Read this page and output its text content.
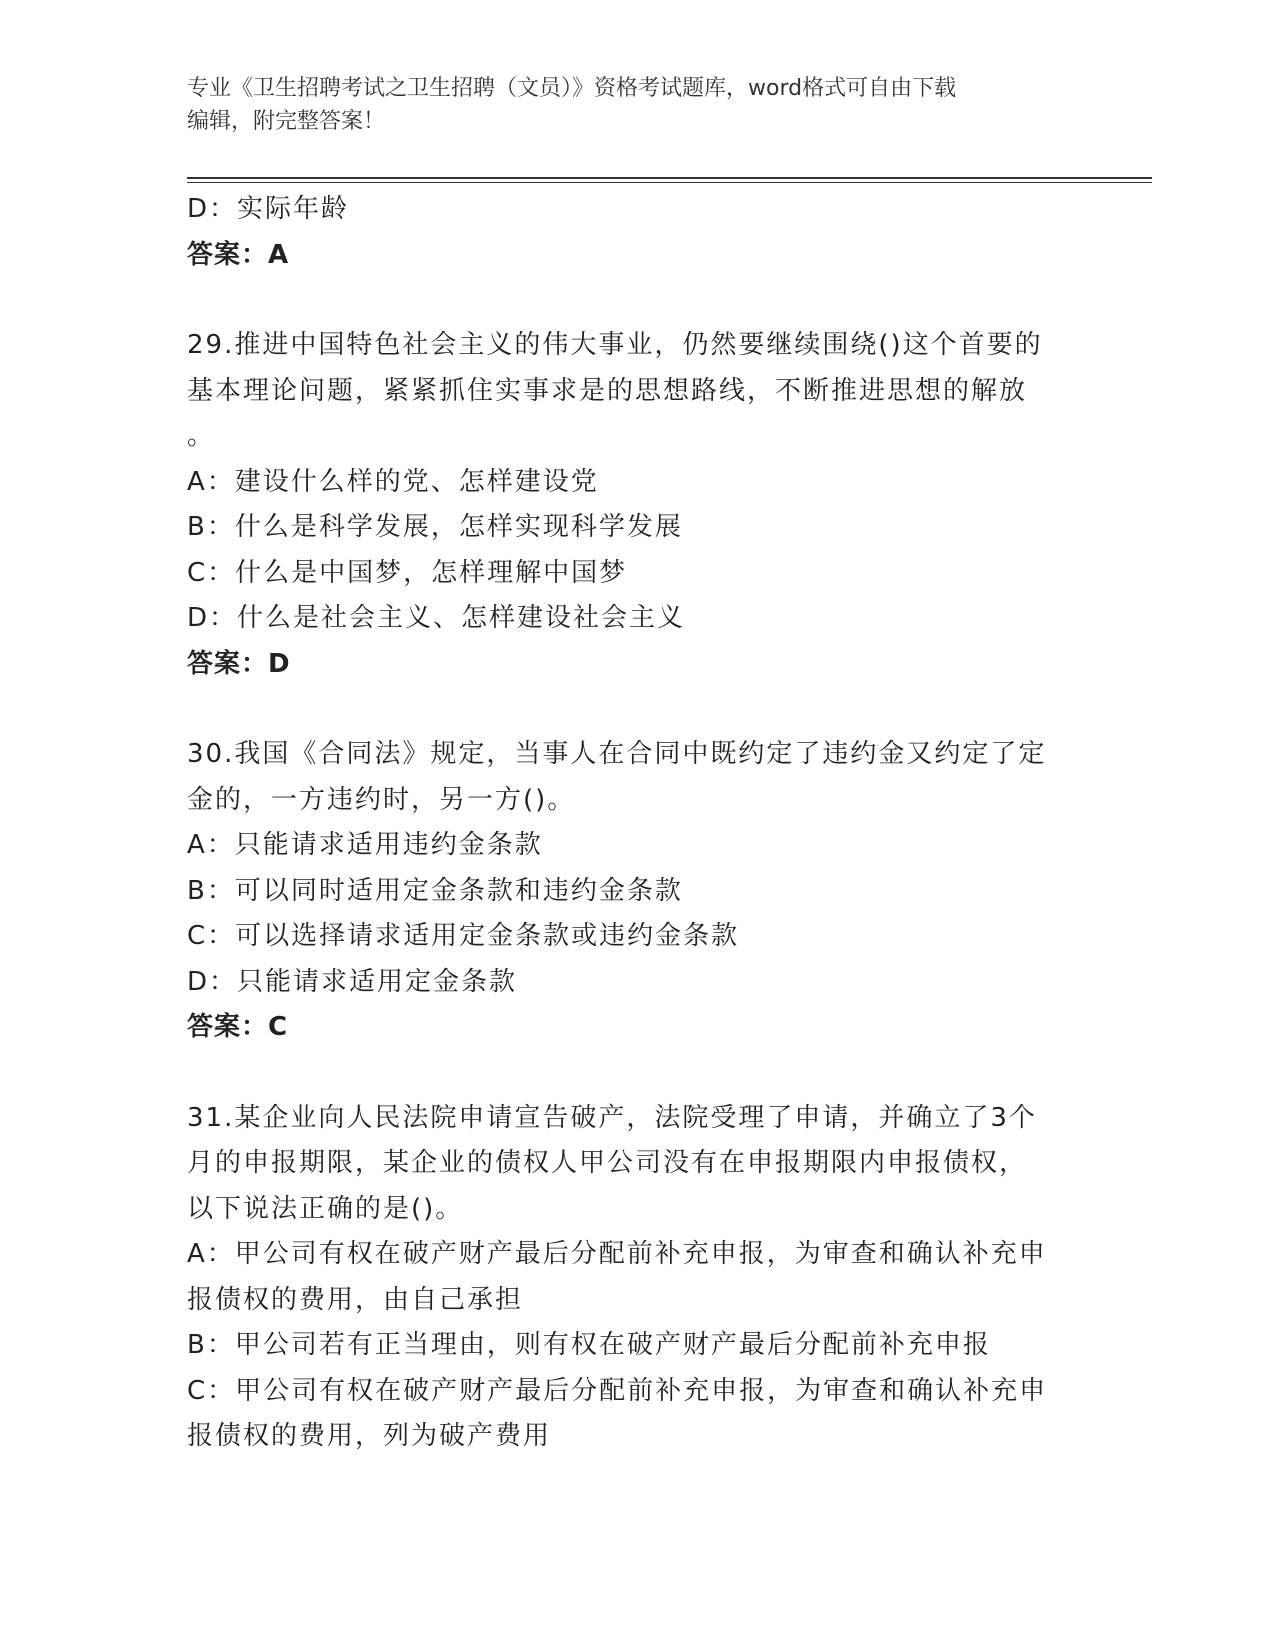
专业《卫生招聘考试之卫生招聘（文员）》资格考试题库，word格式可自由下载
编辑，附完整答案！
D：实际年龄
答案：A
29.推进中国特色社会主义的伟大事业，仍然要继续围绕()这个首要的
基本理论问题，紧紧抓住实事求是的思想路线，不断推进思想的解放
。
A：建设什么样的党、怎样建设党
B：什么是科学发展，怎样实现科学发展
C：什么是中国梦，怎样理解中国梦
D：什么是社会主义、怎样建设社会主义
答案：D
30.我国《合同法》规定，当事人在合同中既约定了违约金又约定了定
金的，一方违约时，另一方()。
A：只能请求适用违约金条款
B：可以同时适用定金条款和违约金条款
C：可以选择请求适用定金条款或违约金条款
D：只能请求适用定金条款
答案：C
31.某企业向人民法院申请宣告破产，法院受理了申请，并确立了3个
月的申报期限，某企业的债权人甲公司没有在申报期限内申报债权，
以下说法正确的是()。
A：甲公司有权在破产财产最后分配前补充申报，为审查和确认补充申
报债权的费用，由自己承担
B：甲公司若有正当理由，则有权在破产财产最后分配前补充申报
C：甲公司有权在破产财产最后分配前补充申报，为审查和确认补充申
报债权的费用，列为破产费用
